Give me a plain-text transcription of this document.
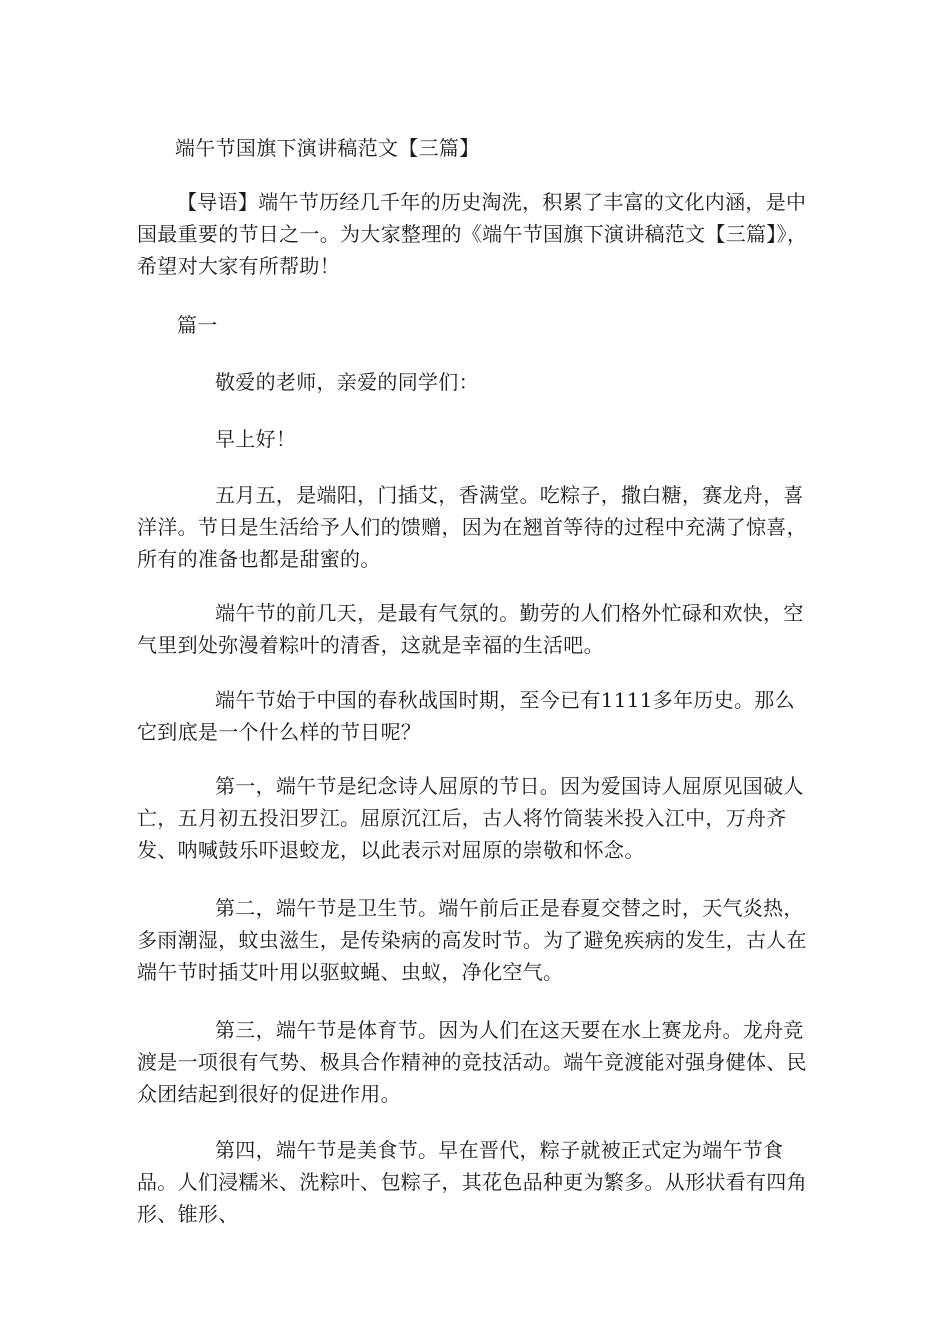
端午节国旗下演讲稿范文【三篇】

【导语】端午节历经几千年的历史淘洗，积累了丰富的文化内涵，是中国最重要的节日之一。为大家整理的《端午节国旗下演讲稿范文【三篇】》，希望对大家有所帮助！

篇一

敬爱的老师，亲爱的同学们：

早上好！

五月五，是端阳，门插艾，香满堂。吃粽子，撒白糖，赛龙舟，喜洋洋。节日是生活给予人们的馈赠，因为在翘首等待的过程中充满了惊喜，所有的准备也都是甜蜜的。

端午节的前几天，是最有气氛的。勤劳的人们格外忙碌和欢快，空气里到处弥漫着粽叶的清香，这就是幸福的生活吧。

端午节始于中国的春秋战国时期，至今已有1111多年历史。那么它到底是一个什么样的节日呢？

第一，端午节是纪念诗人屈原的节日。因为爱国诗人屈原见国破人亡，五月初五投汨罗江。屈原沉江后，古人将竹筒装米投入江中，万舟齐发、呐喊鼓乐吓退蛟龙，以此表示对屈原的崇敬和怀念。

第二，端午节是卫生节。端午前后正是春夏交替之时，天气炎热，多雨潮湿，蚊虫滋生，是传染病的高发时节。为了避免疾病的发生，古人在端午节时插艾叶用以驱蚊蝇、虫蚁，净化空气。

第三，端午节是体育节。因为人们在这天要在水上赛龙舟。龙舟竞渡是一项很有气势、极具合作精神的竞技活动。端午竞渡能对强身健体、民众团结起到很好的促进作用。

第四，端午节是美食节。早在晋代，粽子就被正式定为端午节食品。人们浸糯米、洗粽叶、包粽子，其花色品种更为繁多。从形状看有四角形、锥形、
